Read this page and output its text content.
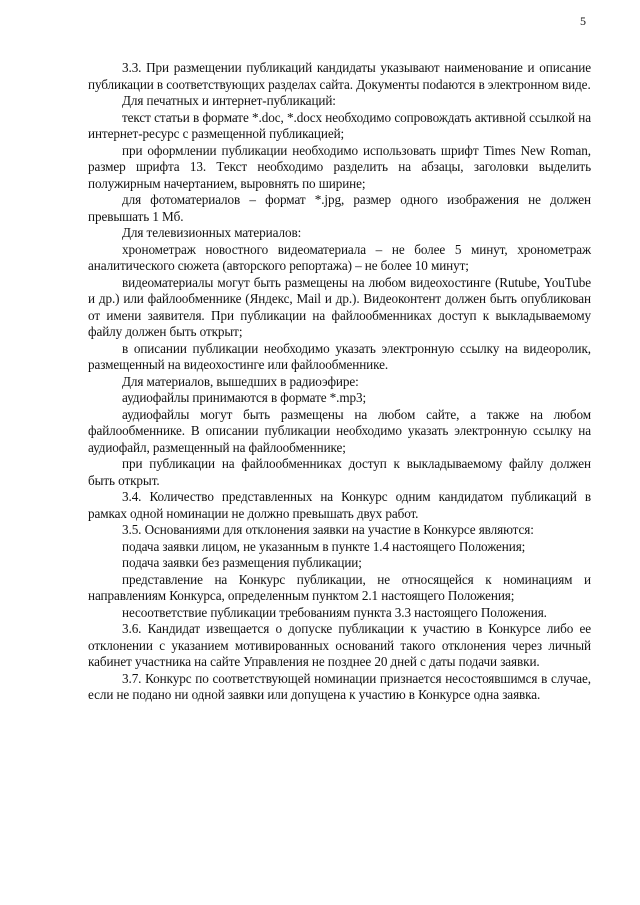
5

3.3. При размещении публикаций кандидаты указывают наименование и описание публикации в соответствующих разделах сайта. Документы поdаются в электронном виде.

Для печатных и интернет-публикаций:

текст статьи в формате *.doc, *.docx необходимо сопровождать активной ссылкой на интернет-ресурс с размещенной публикацией;

при оформлении публикации необходимо использовать шрифт Times New Roman, размер шрифта 13. Текст необходимо разделить на абзацы, заголовки выделить полужирным начертанием, выровнять по ширине;

для фотоматериалов – формат *.jpg, размер одного изображения не должен превышать 1 Мб.

Для телевизионных материалов:

хронометраж новостного видеоматериала – не более 5 минут, хронометраж аналитического сюжета (авторского репортажа) – не более 10 минут;

видеоматериалы могут быть размещены на любом видеохостинге (Rutube, YouTube и др.) или файлообменнике (Яндекс, Mail и др.). Видеоконтент должен быть опубликован от имени заявителя. При публикации на файлообменниках доступ к выкладываемому файлу должен быть открыт;

в описании публикации необходимо указать электронную ссылку на видеоролик, размещенный на видеохостинге или файлообменнике.

Для материалов, вышедших в радиоэфире:

аудиофайлы принимаются в формате *.mp3;

аудиофайлы могут быть размещены на любом сайте, а также на любом файлообменнике. В описании публикации необходимо указать электронную ссылку на аудиофайл, размещенный на файлообменнике;

при публикации на файлообменниках доступ к выкладываемому файлу должен быть открыт.

3.4. Количество представленных на Конкурс одним кандидатом публикаций в рамках одной номинации не должно превышать двух работ.

3.5. Основаниями для отклонения заявки на участие в Конкурсе являются:

подача заявки лицом, не указанным в пункте 1.4 настоящего Положения;

подача заявки без размещения публикации;

представление на Конкурс публикации, не относящейся к номинациям и направлениям Конкурса, определенным пунктом 2.1 настоящего Положения;

несоответствие публикации требованиям пункта 3.3 настоящего Положения.

3.6. Кандидат извещается о допуске публикации к участию в Конкурсе либо ее отклонении с указанием мотивированных оснований такого отклонения через личный кабинет участника на сайте Управления не позднее 20 дней с даты подачи заявки.

3.7. Конкурс по соответствующей номинации признается несостоявшимся в случае, если не подано ни одной заявки или допущена к участию в Конкурсе одна заявка.
